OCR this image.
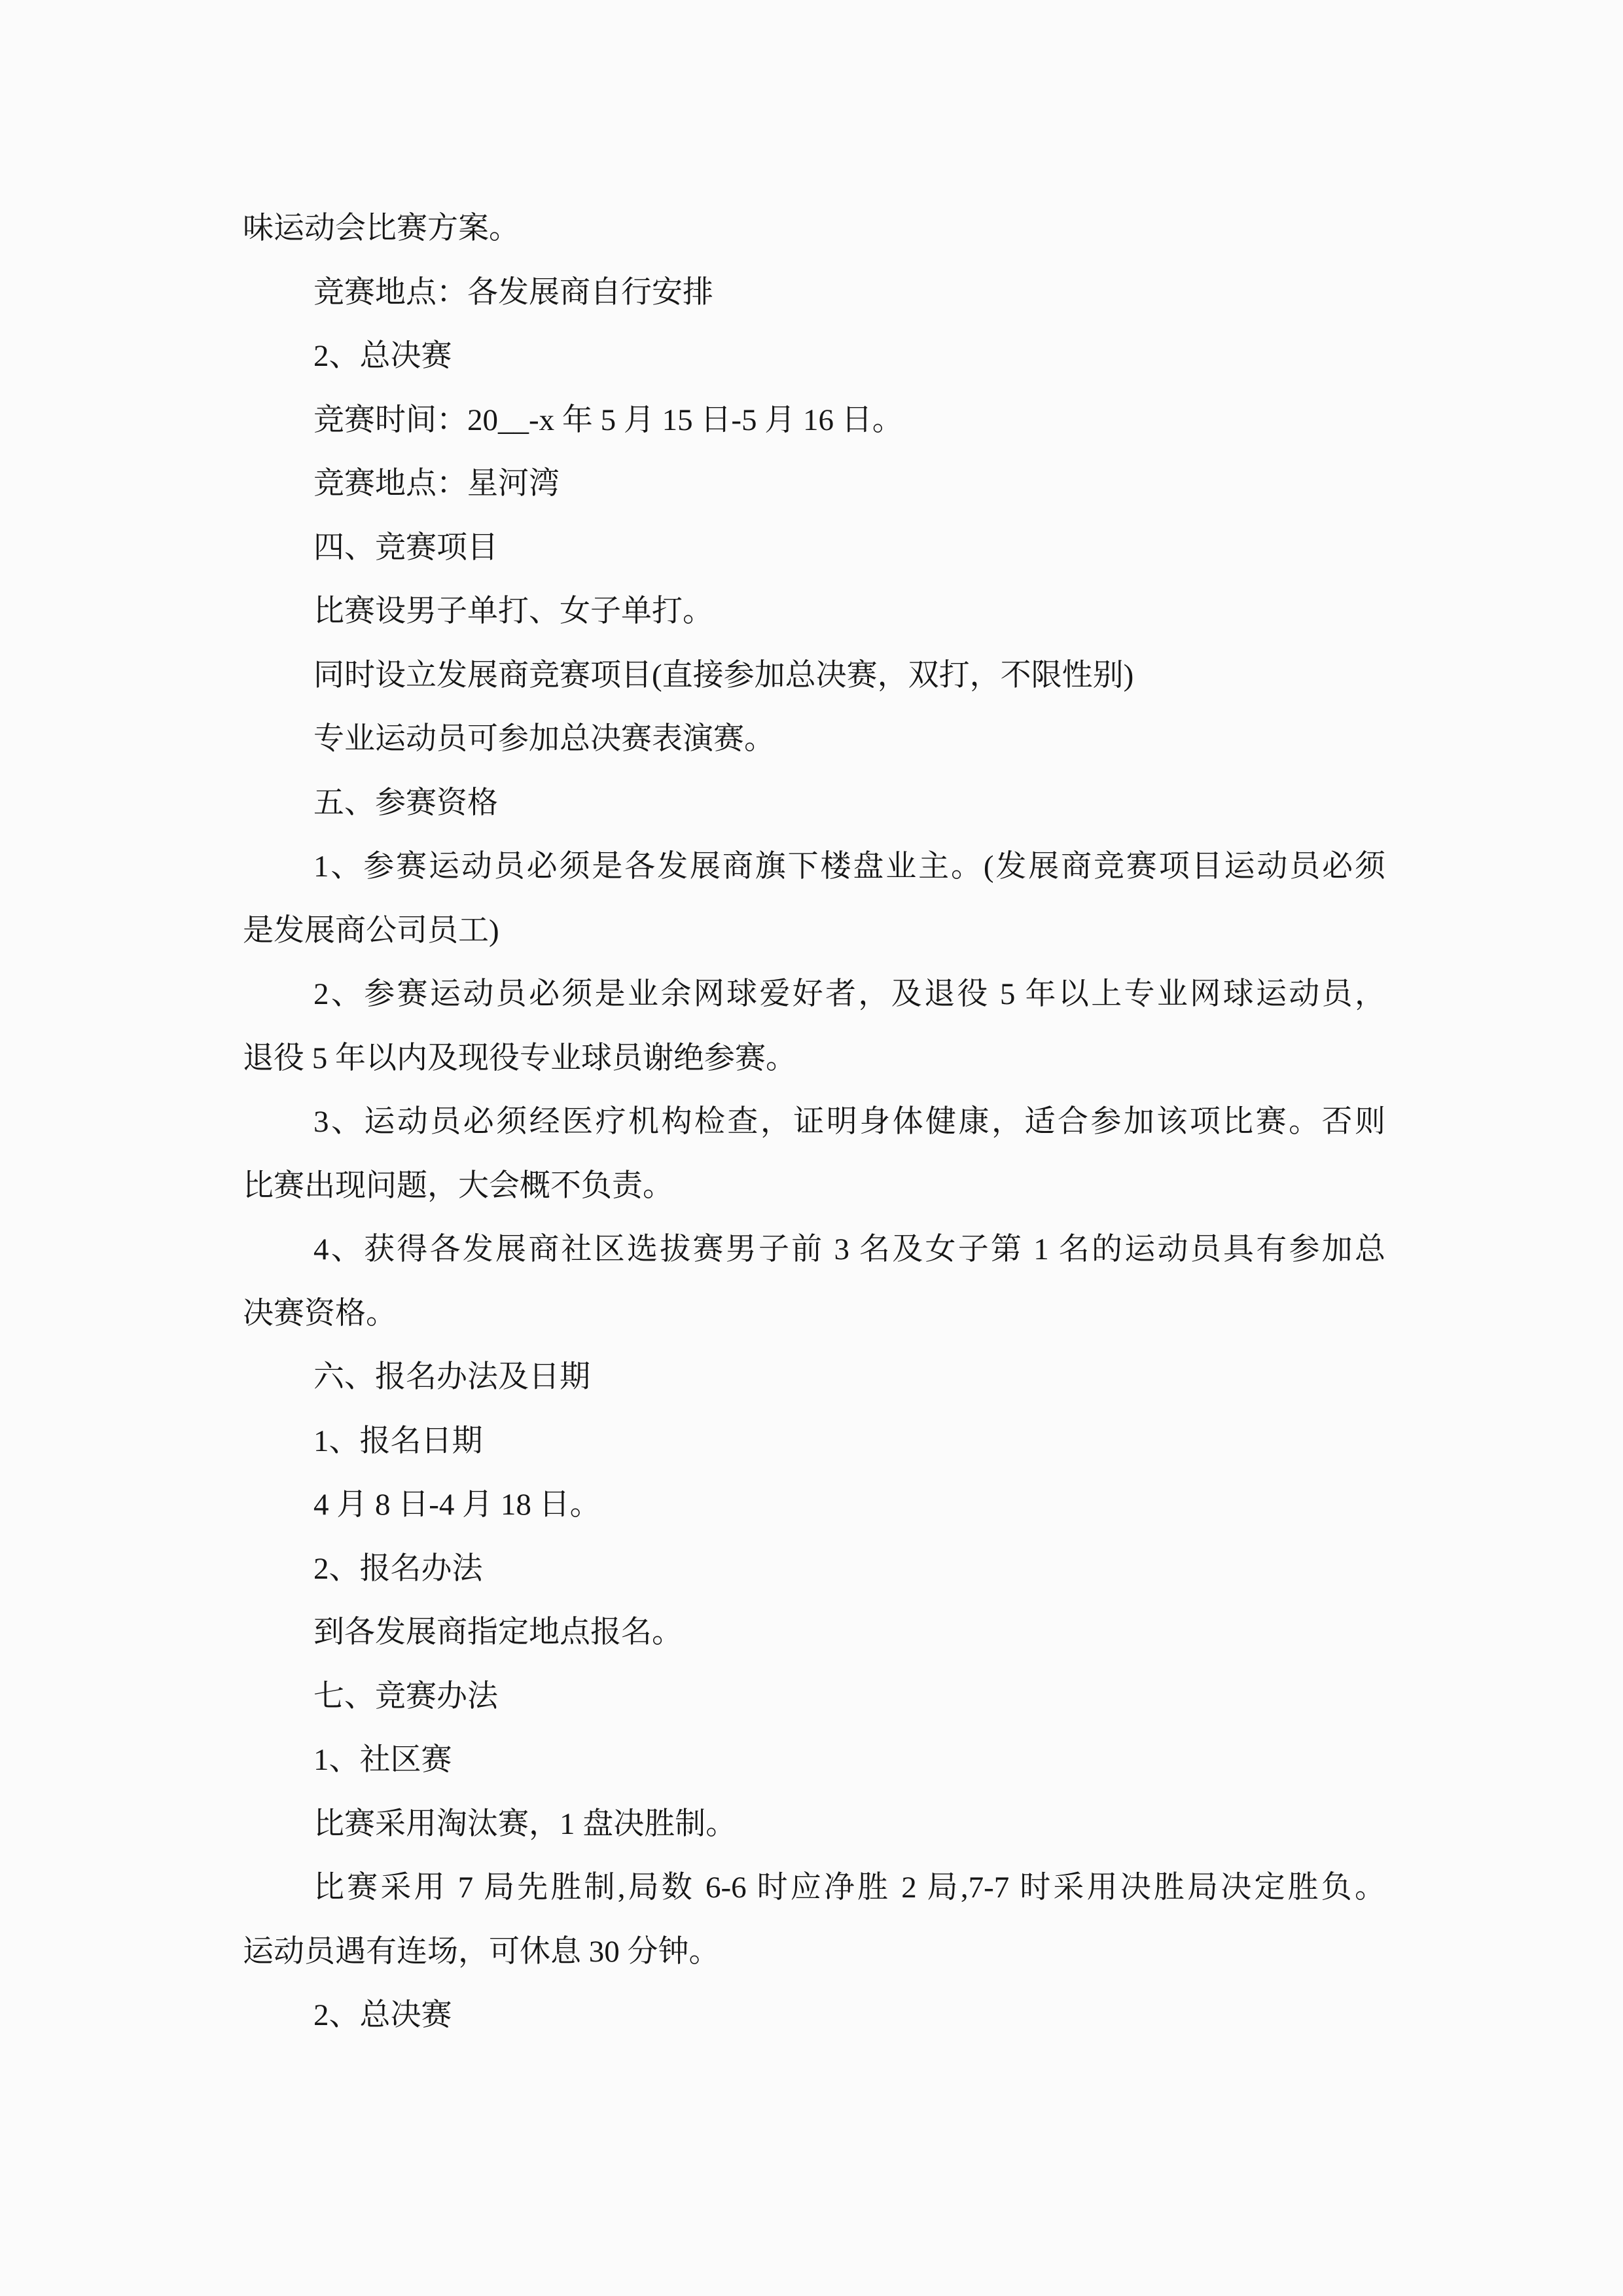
味运动会比赛方案。
竞赛地点：各发展商自行安排
2、总决赛
竞赛时间：20__-x 年 5 月 15 日-5 月 16 日。
竞赛地点：星河湾
四、竞赛项目
比赛设男子单打、女子单打。
同时设立发展商竞赛项目(直接参加总决赛，双打，不限性别)
专业运动员可参加总决赛表演赛。
五、参赛资格
1、参赛运动员必须是各发展商旗下楼盘业主。(发展商竞赛项目运动员必须
是发展商公司员工)
2、参赛运动员必须是业余网球爱好者，及退役 5 年以上专业网球运动员，
退役 5 年以内及现役专业球员谢绝参赛。
3、运动员必须经医疗机构检查，证明身体健康，适合参加该项比赛。否则
比赛出现问题，大会概不负责。
4、获得各发展商社区选拔赛男子前 3 名及女子第 1 名的运动员具有参加总
决赛资格。
六、报名办法及日期
1、报名日期
4 月 8 日-4 月 18 日。
2、报名办法
到各发展商指定地点报名。
七、竞赛办法
1、社区赛
比赛采用淘汰赛，1 盘决胜制。
比赛采用 7 局先胜制,局数 6-6 时应净胜 2 局,7-7 时采用决胜局决定胜负。
运动员遇有连场，可休息 30 分钟。
2、总决赛
